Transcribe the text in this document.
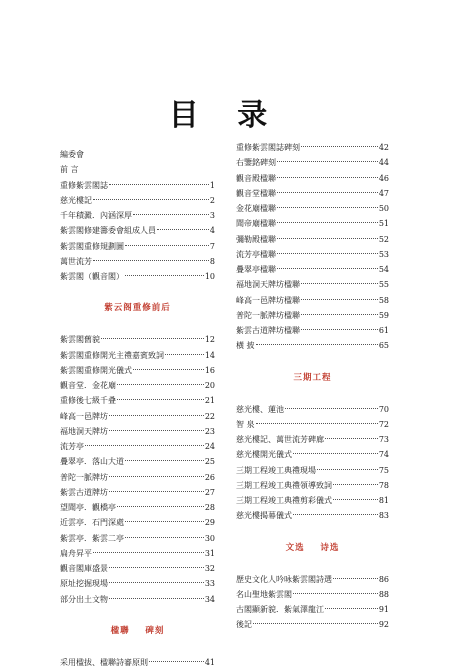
目 录
編委會
前 言
重修紫雲閣誌	1
慈光樓記	2
千年積澱．內涵深厚	3
紫雲閣修建籌委會組成人員	4
紫雲閣重修規劃圖	7
萬世流芳	8
紫雲閣（觀音閣）	10
紫云阁重修前后
紫雲閣舊貌	12
紫雲閣重修開光主禮嘉賓致詞	14
紫雲閣重修開光儀式	16
觀音堂．金花廟	20
重修後七級千叠	21
峰高一邑牌坊	22
福地洞天牌坊	23
流芳亭	24
疊翠亭．落山大道	25
普陀一脈牌坊	26
紫雲古道牌坊	27
望聞亭．觀橋亭	28
近雲亭．石門深處	29
紫雲亭．紫雲二亭	30
扁舟昇平	31
觀音閣庫盛景	32
原址挖掘現場	33
部分出土文物	34
楹聯    碑刻
采用楹拔、楹聯詩審原則	41
重修紫雲閣誌碑刻	42
右鑒銘碑刻	44
觀音殿楹聯	46
觀音堂楹聯	47
金花廟楹聯	50
聞帝廟楹聯	51
彌勒殿楹聯	52
流芳亭楹聯	53
疊翠亭楹聯	54
福地洞天牌坊楹聯	55
峰高一邑牌坊楹聯	58
普陀一脈牌坊楹聯	59
紫雲古道牌坊楹聯	61
橫 披	65
三期工程
慈光樓、蓮池	70
智 泉	72
慈光樓記、萬世流芳碑廊	73
慈光樓開光儀式	74
三期工程竣工典禮現場	75
三期工程竣工典禮領導致詞	78
三期工程竣工典禮剪彩儀式	81
慈光樓揭幕儀式	83
文选    诗选
歷史文化人吟咏紫雲閣詩選	86
名山聖地紫雲閣	88
古閣顯新貌．紫氣澤龍江	91
後記	92
